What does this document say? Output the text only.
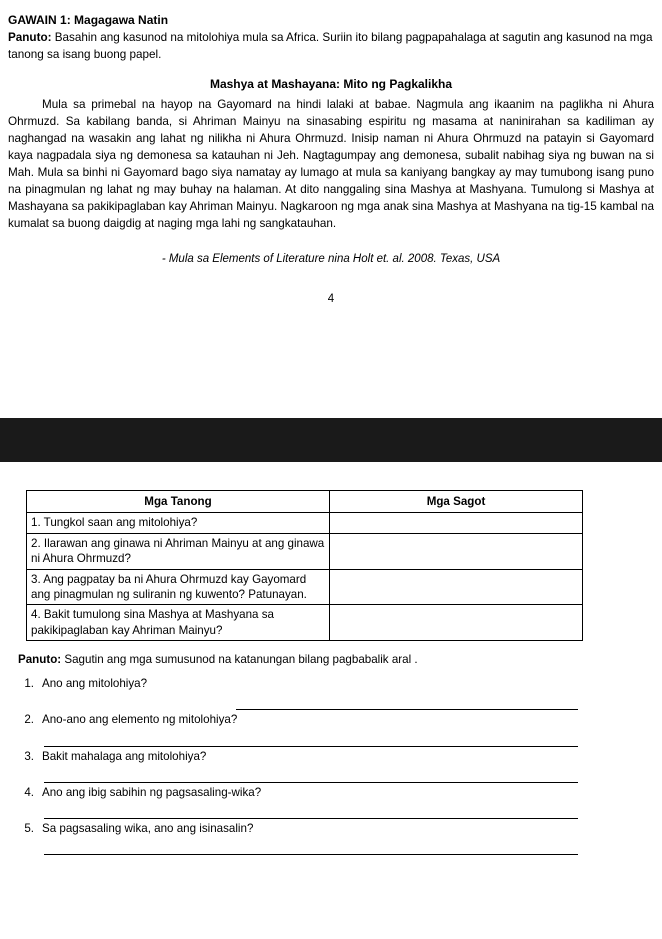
GAWAIN 1: Magagawa Natin
Panuto: Basahin ang kasunod na mitolohiya mula sa Africa. Suriin ito bilang pagpapahalaga at sagutin ang kasunod na mga tanong sa isang buong papel.
Mashya at Mashayana: Mito ng Pagkalikha
Mula sa primebal na hayop na Gayomard na hindi lalaki at babae. Nagmula ang ikaanim na paglikha ni Ahura Ohrmuzd. Sa kabilang banda, si Ahriman Mainyu na sinasabing espiritu ng masama at naninirahan sa kadiliman ay naghangad na wasakin ang lahat ng nilikha ni Ahura Ohrmuzd. Inisip naman ni Ahura Ohrmuzd na patayin si Gayomard kaya nagpadala siya ng demonesa sa katauhan ni Jeh. Nagtagumpay ang demonesa, subalit nabihag siya ng buwan na si Mah. Mula sa binhi ni Gayomard bago siya namatay ay lumago at mula sa kaniyang bangkay ay may tumubong isang puno na pinagmulan ng lahat ng may buhay na halaman. At dito nanggaling sina Mashya at Mashyana. Tumulong si Mashya at Mashayana sa pakikipaglaban kay Ahriman Mainyu. Nagkaroon ng mga anak sina Mashya at Mashyana na tig-15 kambal na kumalat sa buong daigdig at naging mga lahi ng sangkatauhan.
- Mula sa Elements of Literature nina Holt et. al. 2008. Texas, USA
4
Mga Tanong	Mga Sagot
1. Tungkol saan ang mitolohiya?	
2. Ilarawan ang ginawa ni Ahriman Mainyu at ang ginawa ni Ahura Ohrmuzd?	
3. Ang pagpatay ba ni Ahura Ohrmuzd kay Gayomard ang pinagmulan ng suliranin ng kuwento? Patunayan.	
4. Bakit tumulong sina Mashya at Mashyana sa pakikipaglaban kay Ahriman Mainyu?	
Panuto: Sagutin ang mga sumusunod na katanungan bilang pagbabalik aral .
1. Ano ang mitolohiya?
2. Ano-ano ang elemento ng mitolohiya?
3. Bakit mahalaga ang mitolohiya?
4. Ano ang ibig sabihin ng pagsasaling-wika?
5. Sa pagsasaling wika, ano ang isinasalin?
